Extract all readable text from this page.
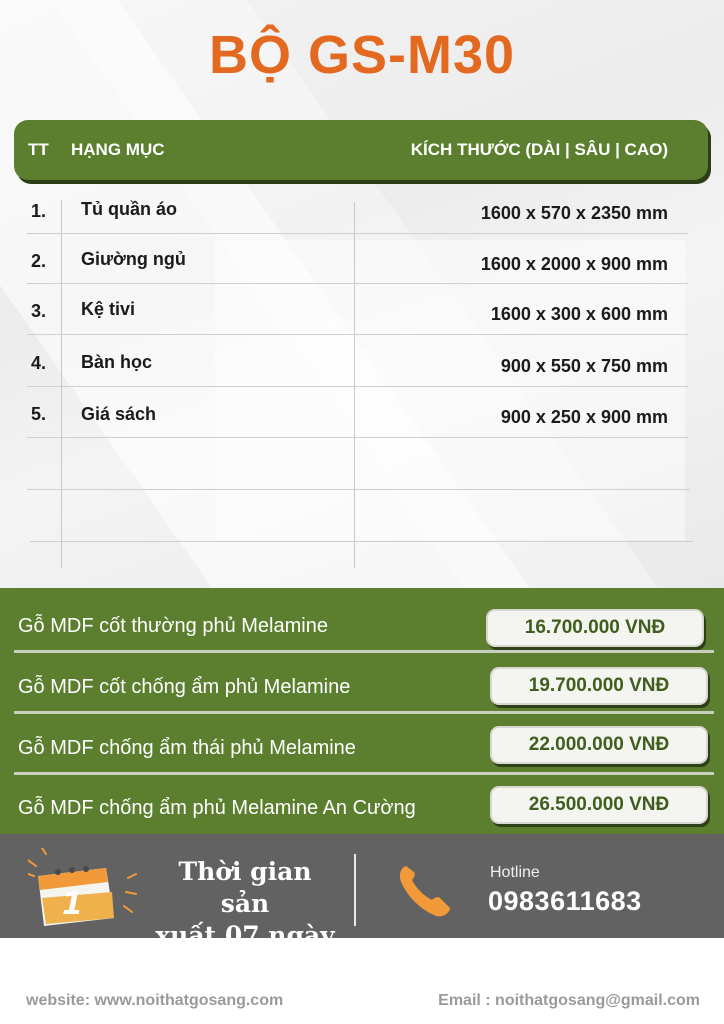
BỘ GS-M30
TT HẠNG MỤC	KÍCH THƯỚC (DÀI | SÂU | CAO)
1. Tủ quần áo	1600 x 570 x 2350 mm
2. Giường ngủ	1600 x 2000 x 900 mm
3. Kệ tivi	1600 x 300 x 600 mm
4. Bàn học	900 x 550 x 750 mm
5. Giá sách	900 x 250 x 900 mm
Gỗ MDF cốt thường phủ Melamine	16.700.000 VNĐ
Gỗ MDF cốt chống ẩm phủ Melamine	19.700.000 VNĐ
Gỗ MDF chống ẩm thái phủ Melamine	22.000.000 VNĐ
Gỗ MDF chống ẩm phủ Melamine An Cường	26.500.000 VNĐ
1
Thời gian sản
xuất 07 ngày
Hotline
0983611683
website: www.noithatgosang.com	Email : noithatgosang@gmail.com
